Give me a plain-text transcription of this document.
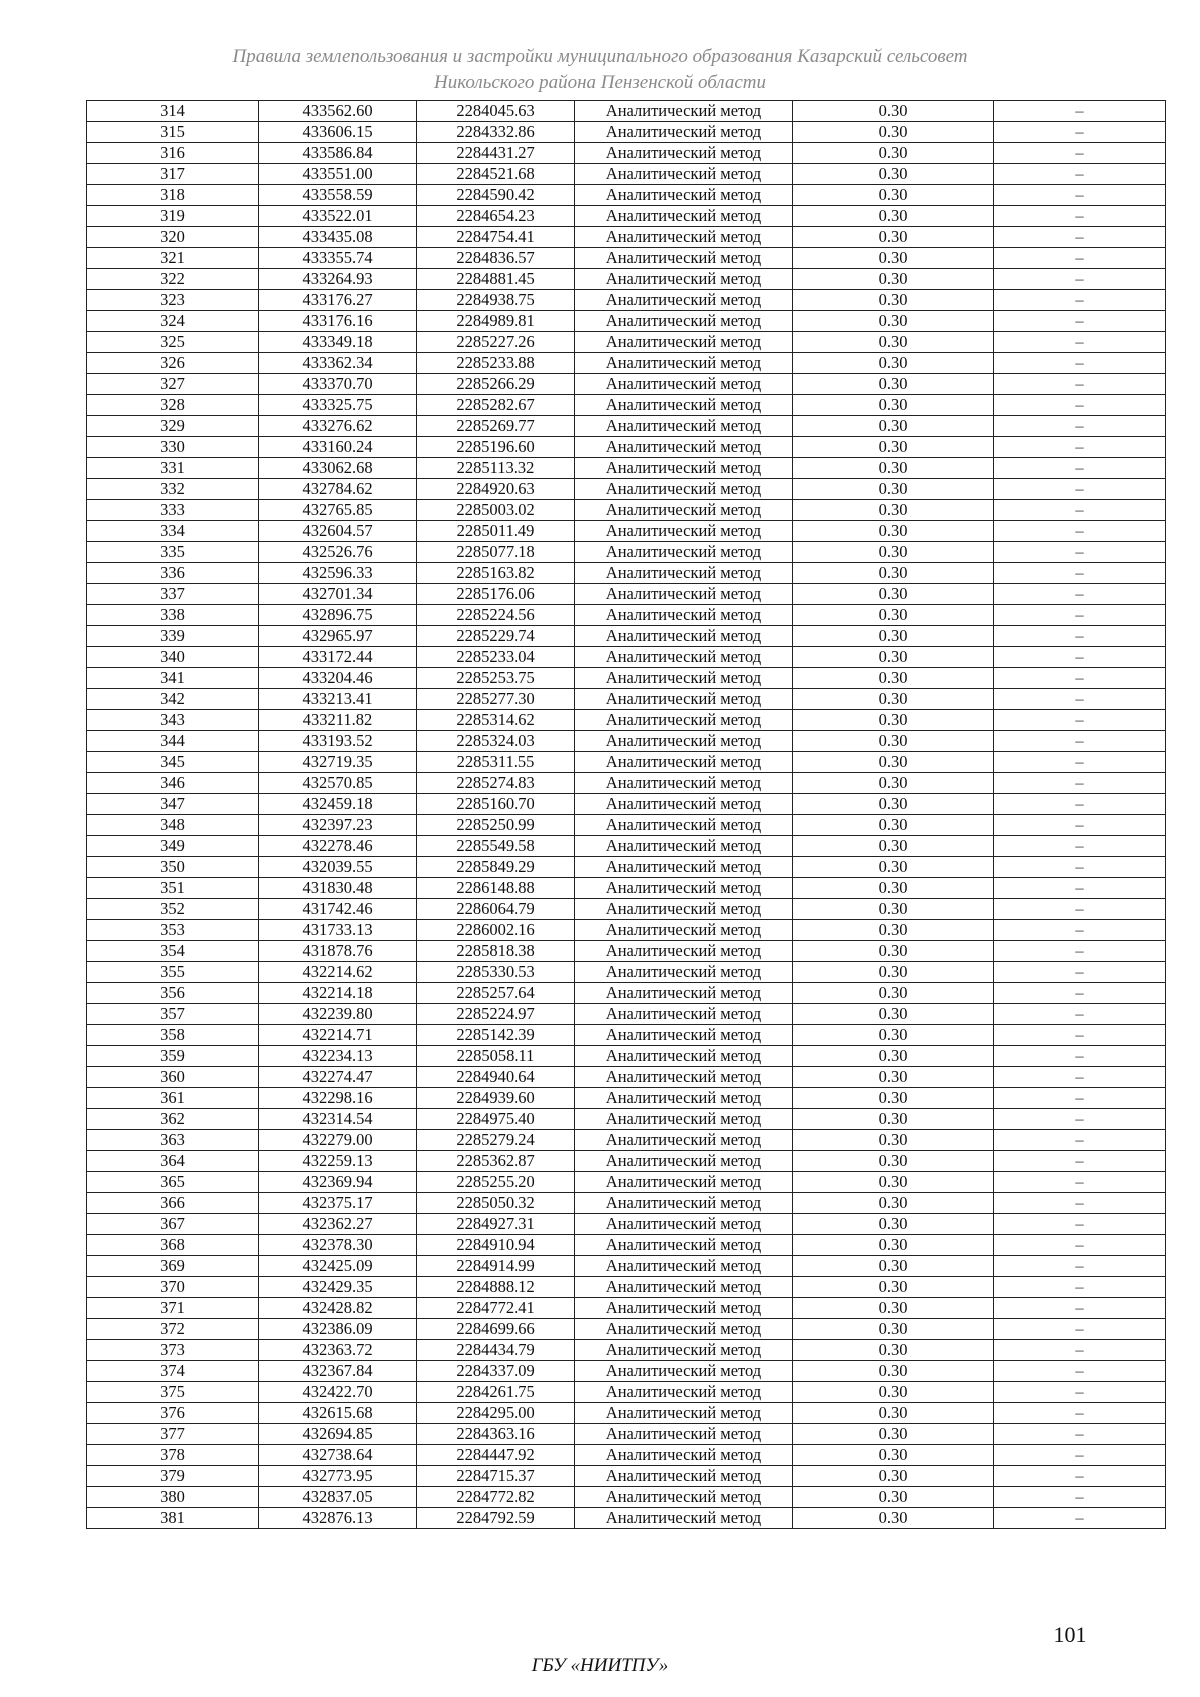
Правила землепользования и застройки муниципального образования Казарский сельсовет
Никольского района Пензенской области
314	433562.60	2284045.63	Аналитический метод	0.30	–
315	433606.15	2284332.86	Аналитический метод	0.30	–
316	433586.84	2284431.27	Аналитический метод	0.30	–
317	433551.00	2284521.68	Аналитический метод	0.30	–
318	433558.59	2284590.42	Аналитический метод	0.30	–
319	433522.01	2284654.23	Аналитический метод	0.30	–
320	433435.08	2284754.41	Аналитический метод	0.30	–
321	433355.74	2284836.57	Аналитический метод	0.30	–
322	433264.93	2284881.45	Аналитический метод	0.30	–
323	433176.27	2284938.75	Аналитический метод	0.30	–
324	433176.16	2284989.81	Аналитический метод	0.30	–
325	433349.18	2285227.26	Аналитический метод	0.30	–
326	433362.34	2285233.88	Аналитический метод	0.30	–
327	433370.70	2285266.29	Аналитический метод	0.30	–
328	433325.75	2285282.67	Аналитический метод	0.30	–
329	433276.62	2285269.77	Аналитический метод	0.30	–
330	433160.24	2285196.60	Аналитический метод	0.30	–
331	433062.68	2285113.32	Аналитический метод	0.30	–
332	432784.62	2284920.63	Аналитический метод	0.30	–
333	432765.85	2285003.02	Аналитический метод	0.30	–
334	432604.57	2285011.49	Аналитический метод	0.30	–
335	432526.76	2285077.18	Аналитический метод	0.30	–
336	432596.33	2285163.82	Аналитический метод	0.30	–
337	432701.34	2285176.06	Аналитический метод	0.30	–
338	432896.75	2285224.56	Аналитический метод	0.30	–
339	432965.97	2285229.74	Аналитический метод	0.30	–
340	433172.44	2285233.04	Аналитический метод	0.30	–
341	433204.46	2285253.75	Аналитический метод	0.30	–
342	433213.41	2285277.30	Аналитический метод	0.30	–
343	433211.82	2285314.62	Аналитический метод	0.30	–
344	433193.52	2285324.03	Аналитический метод	0.30	–
345	432719.35	2285311.55	Аналитический метод	0.30	–
346	432570.85	2285274.83	Аналитический метод	0.30	–
347	432459.18	2285160.70	Аналитический метод	0.30	–
348	432397.23	2285250.99	Аналитический метод	0.30	–
349	432278.46	2285549.58	Аналитический метод	0.30	–
350	432039.55	2285849.29	Аналитический метод	0.30	–
351	431830.48	2286148.88	Аналитический метод	0.30	–
352	431742.46	2286064.79	Аналитический метод	0.30	–
353	431733.13	2286002.16	Аналитический метод	0.30	–
354	431878.76	2285818.38	Аналитический метод	0.30	–
355	432214.62	2285330.53	Аналитический метод	0.30	–
356	432214.18	2285257.64	Аналитический метод	0.30	–
357	432239.80	2285224.97	Аналитический метод	0.30	–
358	432214.71	2285142.39	Аналитический метод	0.30	–
359	432234.13	2285058.11	Аналитический метод	0.30	–
360	432274.47	2284940.64	Аналитический метод	0.30	–
361	432298.16	2284939.60	Аналитический метод	0.30	–
362	432314.54	2284975.40	Аналитический метод	0.30	–
363	432279.00	2285279.24	Аналитический метод	0.30	–
364	432259.13	2285362.87	Аналитический метод	0.30	–
365	432369.94	2285255.20	Аналитический метод	0.30	–
366	432375.17	2285050.32	Аналитический метод	0.30	–
367	432362.27	2284927.31	Аналитический метод	0.30	–
368	432378.30	2284910.94	Аналитический метод	0.30	–
369	432425.09	2284914.99	Аналитический метод	0.30	–
370	432429.35	2284888.12	Аналитический метод	0.30	–
371	432428.82	2284772.41	Аналитический метод	0.30	–
372	432386.09	2284699.66	Аналитический метод	0.30	–
373	432363.72	2284434.79	Аналитический метод	0.30	–
374	432367.84	2284337.09	Аналитический метод	0.30	–
375	432422.70	2284261.75	Аналитический метод	0.30	–
376	432615.68	2284295.00	Аналитический метод	0.30	–
377	432694.85	2284363.16	Аналитический метод	0.30	–
378	432738.64	2284447.92	Аналитический метод	0.30	–
379	432773.95	2284715.37	Аналитический метод	0.30	–
380	432837.05	2284772.82	Аналитический метод	0.30	–
381	432876.13	2284792.59	Аналитический метод	0.30	–
101
ГБУ «НИИТПУ»
